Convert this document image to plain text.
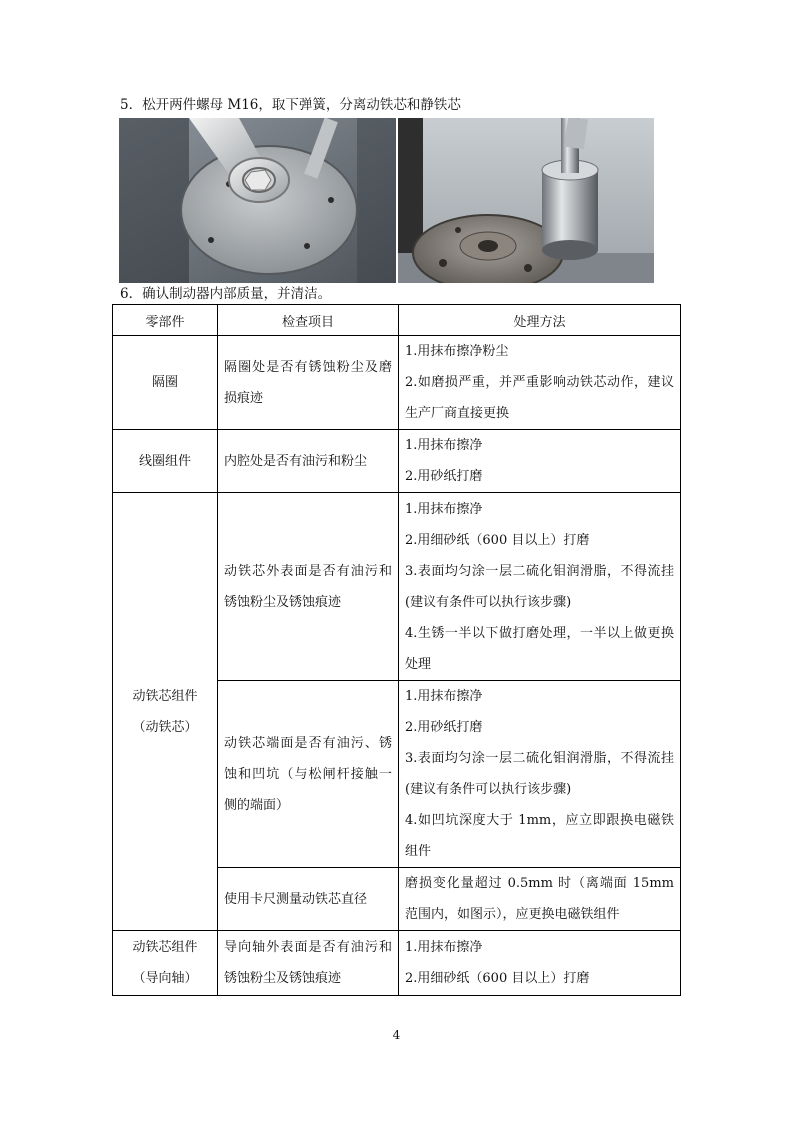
5．松开两件螺母 M16，取下弹簧，分离动铁芯和静铁芯
6．确认制动器内部质量，并清洁。
零部件	检查项目	处理方法
隔圈	隔圈处是否有锈蚀粉尘及磨损痕迹	1.用抹布擦净粉尘
2.如磨损严重，并严重影响动铁芯动作，建议生产厂商直接更换

线圈组件	内腔处是否有油污和粉尘	1.用抹布擦净
2.用砂纸打磨

动铁芯组件
（动铁芯）	动铁芯外表面是否有油污和锈蚀粉尘及锈蚀痕迹	1.用抹布擦净
2.用细砂纸（600 目以上）打磨
3.表面均匀涂一层二硫化钼润滑脂，不得流挂(建议有条件可以执行该步骤)
4.生锈一半以下做打磨处理，一半以上做更换处理

	动铁芯端面是否有油污、锈蚀和凹坑（与松闸杆接触一侧的端面）	1.用抹布擦净
2.用砂纸打磨
3.表面均匀涂一层二硫化钼润滑脂，不得流挂(建议有条件可以执行该步骤)
4.如凹坑深度大于 1mm，应立即跟换电磁铁组件

	使用卡尺测量动铁芯直径	磨损变化量超过 0.5mm 时（离端面 15mm 范围内，如图示），应更换电磁铁组件

动铁芯组件
（导向轴）	导向轴外表面是否有油污和锈蚀粉尘及锈蚀痕迹	1.用抹布擦净
2.用细砂纸（600 目以上）打磨
4
